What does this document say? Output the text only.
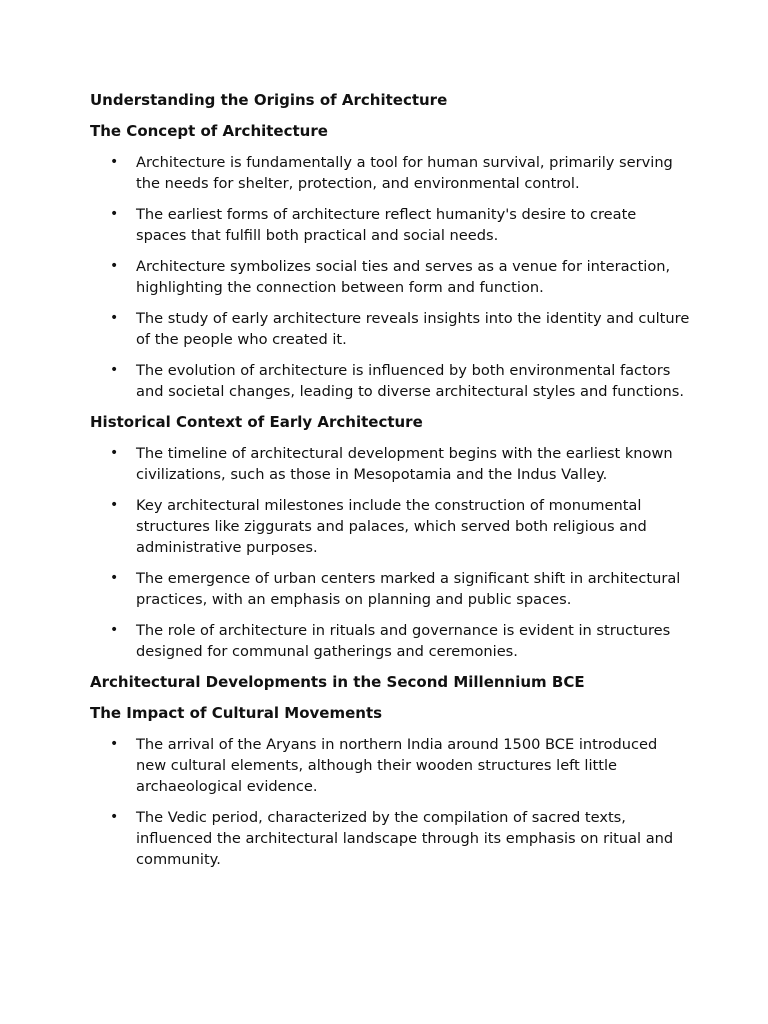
Understanding the Origins of Architecture
The Concept of Architecture
• Architecture is fundamentally a tool for human survival, primarily serving the needs for shelter, protection, and environmental control.
• The earliest forms of architecture reflect humanity's desire to create spaces that fulfill both practical and social needs.
• Architecture symbolizes social ties and serves as a venue for interaction, highlighting the connection between form and function.
• The study of early architecture reveals insights into the identity and culture of the people who created it.
• The evolution of architecture is influenced by both environmental factors and societal changes, leading to diverse architectural styles and functions.
Historical Context of Early Architecture
• The timeline of architectural development begins with the earliest known civilizations, such as those in Mesopotamia and the Indus Valley.
• Key architectural milestones include the construction of monumental structures like ziggurats and palaces, which served both religious and administrative purposes.
• The emergence of urban centers marked a significant shift in architectural practices, with an emphasis on planning and public spaces.
• The role of architecture in rituals and governance is evident in structures designed for communal gatherings and ceremonies.
Architectural Developments in the Second Millennium BCE
The Impact of Cultural Movements
• The arrival of the Aryans in northern India around 1500 BCE introduced new cultural elements, although their wooden structures left little archaeological evidence.
• The Vedic period, characterized by the compilation of sacred texts, influenced the architectural landscape through its emphasis on ritual and community.
